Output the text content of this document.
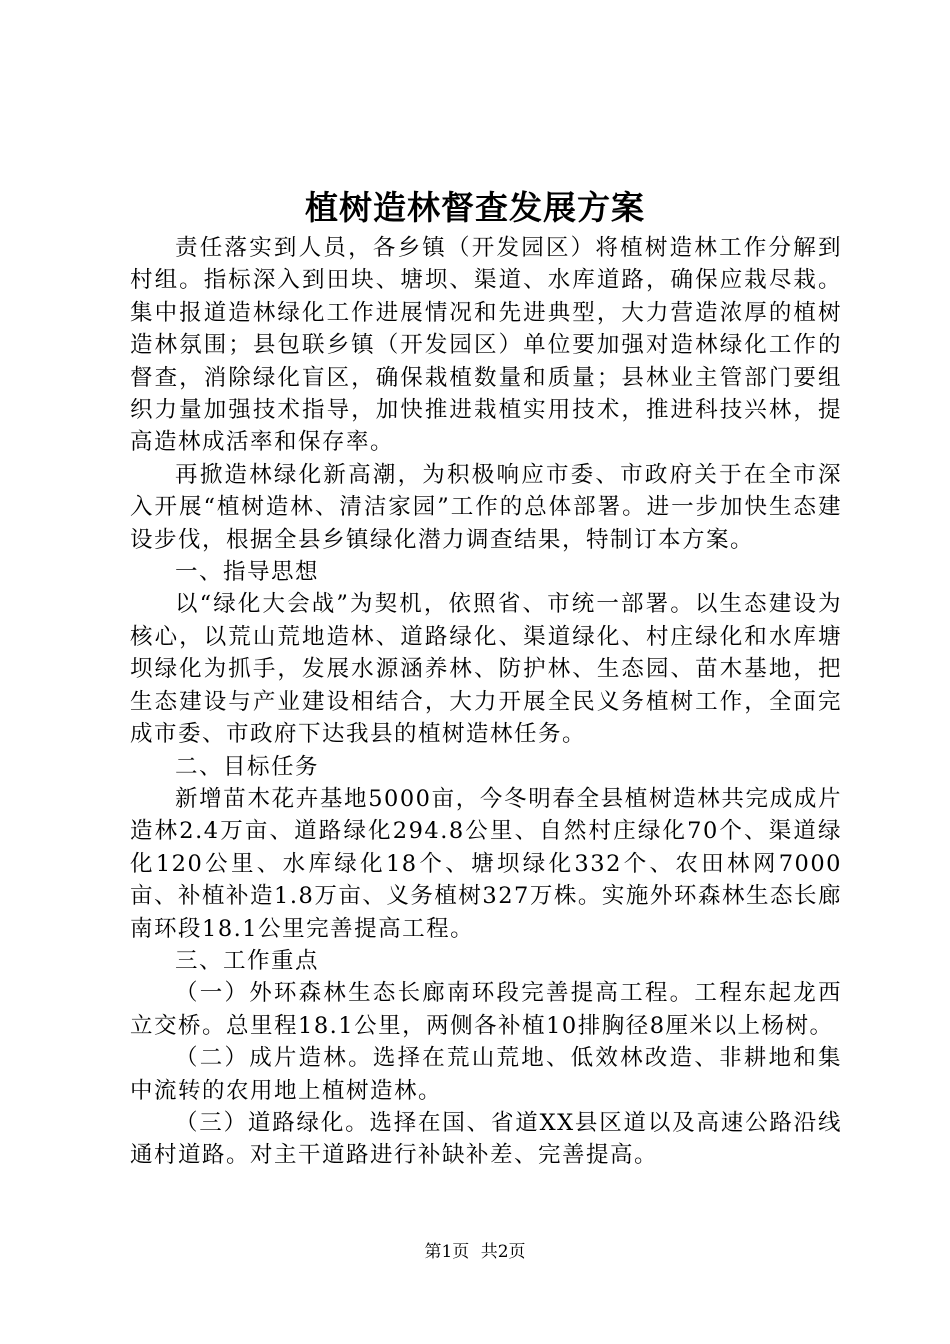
植树造林督查发展方案

责任落实到人员，各乡镇（开发园区）将植树造林工作分解到村组。指标深入到田块、塘坝、渠道、水库道路，确保应栽尽栽。集中报道造林绿化工作进展情况和先进典型，大力营造浓厚的植树造林氛围；县包联乡镇（开发园区）单位要加强对造林绿化工作的督查，消除绿化盲区，确保栽植数量和质量；县林业主管部门要组织力量加强技术指导，加快推进栽植实用技术，推进科技兴林，提高造林成活率和保存率。

再掀造林绿化新高潮，为积极响应市委、市政府关于在全市深入开展“植树造林、清洁家园”工作的总体部署。进一步加快生态建设步伐，根据全县乡镇绿化潜力调查结果，特制订本方案。

一、指导思想

以“绿化大会战”为契机，依照省、市统一部署。以生态建设为核心，以荒山荒地造林、道路绿化、渠道绿化、村庄绿化和水库塘坝绿化为抓手，发展水源涵养林、防护林、生态园、苗木基地，把生态建设与产业建设相结合，大力开展全民义务植树工作，全面完成市委、市政府下达我县的植树造林任务。

二、目标任务

新增苗木花卉基地5000亩，今冬明春全县植树造林共完成成片造林2.4万亩、道路绿化294.8公里、自然村庄绿化70个、渠道绿化120公里、水库绿化18个、塘坝绿化332个、农田林网7000亩、补植补造1.8万亩、义务植树327万株。实施外环森林生态长廊南环段18.1公里完善提高工程。

三、工作重点

（一）外环森林生态长廊南环段完善提高工程。工程东起龙西立交桥。总里程18.1公里，两侧各补植10排胸径8厘米以上杨树。

（二）成片造林。选择在荒山荒地、低效林改造、非耕地和集中流转的农用地上植树造林。

（三）道路绿化。选择在国、省道XX县区道以及高速公路沿线通村道路。对主干道路进行补缺补差、完善提高。

第1页 共2页
